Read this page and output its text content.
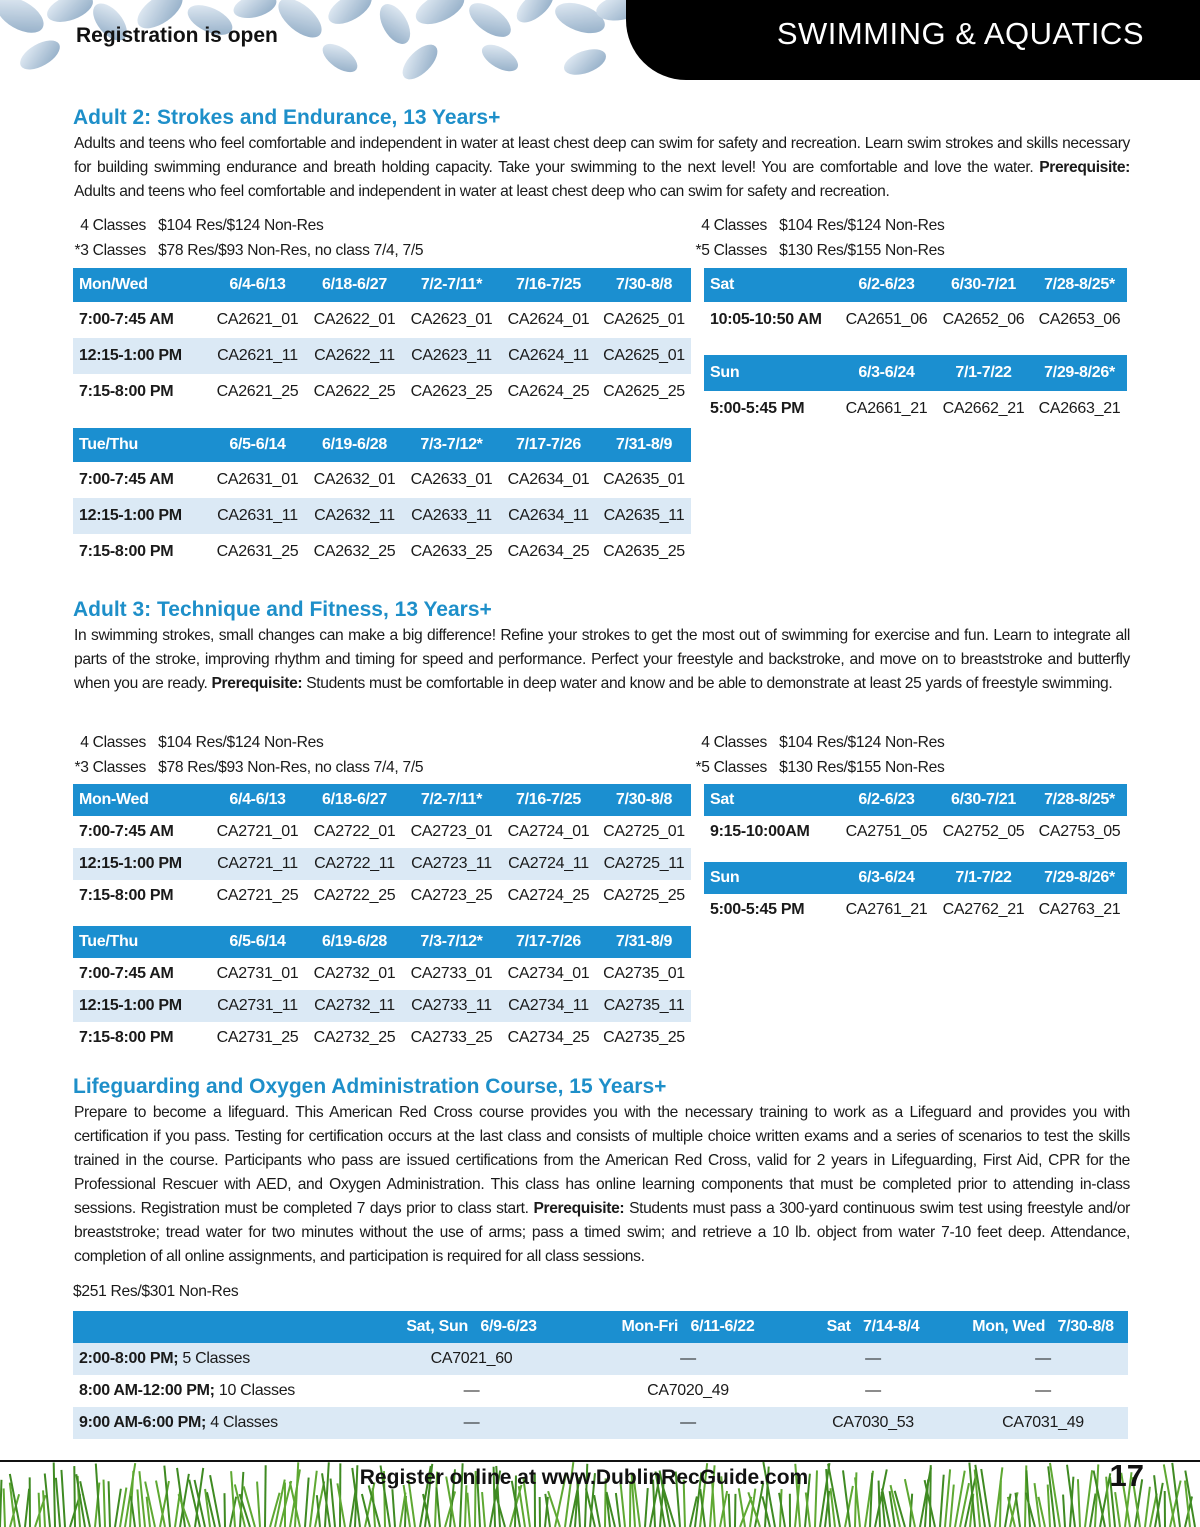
Registration is open	SWIMMING & AQUATICS
Adult 2: Strokes and Endurance, 13 Years+

Adults and teens who feel comfortable and independent in water at least chest deep can swim for safety and recreation. Learn swim strokes and skills necessary for building swimming endurance and breath holding capacity. Take your swimming to the next level! You are comfortable and love the water. Prerequisite: Adults and teens who feel comfortable and independent in water at least chest deep who can swim for safety and recreation.

4 Classes $104 Res/$124 Non-Res
*3 Classes $78 Res/$93 Non-Res, no class 7/4, 7/5
4 Classes $104 Res/$124 Non-Res
*5 Classes $130 Res/$155 Non-Res
Mon/Wed	6/4-6/13	6/18-6/27	7/2-7/11*	7/16-7/25	7/30-8/8
7:00-7:45 AM	CA2621_01	CA2622_01	CA2623_01	CA2624_01	CA2625_01
12:15-1:00 PM	CA2621_11	CA2622_11	CA2623_11	CA2624_11	CA2625_01
7:15-8:00 PM	CA2621_25	CA2622_25	CA2623_25	CA2624_25	CA2625_25
Tue/Thu	6/5-6/14	6/19-6/28	7/3-7/12*	7/17-7/26	7/31-8/9
7:00-7:45 AM	CA2631_01	CA2632_01	CA2633_01	CA2634_01	CA2635_01
12:15-1:00 PM	CA2631_11	CA2632_11	CA2633_11	CA2634_11	CA2635_11
7:15-8:00 PM	CA2631_25	CA2632_25	CA2633_25	CA2634_25	CA2635_25
Sat	6/2-6/23	6/30-7/21	7/28-8/25*
10:05-10:50 AM	CA2651_06	CA2652_06	CA2653_06
Sun	6/3-6/24	7/1-7/22	7/29-8/26*
5:00-5:45 PM	CA2661_21	CA2662_21	CA2663_21
Adult 3: Technique and Fitness, 13 Years+

In swimming strokes, small changes can make a big difference! Refine your strokes to get the most out of swimming for exercise and fun. Learn to integrate all parts of the stroke, improving rhythm and timing for speed and performance. Perfect your freestyle and backstroke, and move on to breaststroke and butterfly when you are ready. Prerequisite: Students must be comfortable in deep water and know and be able to demonstrate at least 25 yards of freestyle swimming.

4 Classes $104 Res/$124 Non-Res
*3 Classes $78 Res/$93 Non-Res, no class 7/4, 7/5
4 Classes $104 Res/$124 Non-Res
*5 Classes $130 Res/$155 Non-Res
Mon-Wed	6/4-6/13	6/18-6/27	7/2-7/11*	7/16-7/25	7/30-8/8
7:00-7:45 AM	CA2721_01	CA2722_01	CA2723_01	CA2724_01	CA2725_01
12:15-1:00 PM	CA2721_11	CA2722_11	CA2723_11	CA2724_11	CA2725_11
7:15-8:00 PM	CA2721_25	CA2722_25	CA2723_25	CA2724_25	CA2725_25
Tue/Thu	6/5-6/14	6/19-6/28	7/3-7/12*	7/17-7/26	7/31-8/9
7:00-7:45 AM	CA2731_01	CA2732_01	CA2733_01	CA2734_01	CA2735_01
12:15-1:00 PM	CA2731_11	CA2732_11	CA2733_11	CA2734_11	CA2735_11
7:15-8:00 PM	CA2731_25	CA2732_25	CA2733_25	CA2734_25	CA2735_25
Sat	6/2-6/23	6/30-7/21	7/28-8/25*
9:15-10:00AM	CA2751_05	CA2752_05	CA2753_05
Sun	6/3-6/24	7/1-7/22	7/29-8/26*
5:00-5:45 PM	CA2761_21	CA2762_21	CA2763_21
Lifeguarding and Oxygen Administration Course, 15 Years+

Prepare to become a lifeguard. This American Red Cross course provides you with the necessary training to work as a Lifeguard and provides you with certification if you pass. Testing for certification occurs at the last class and consists of multiple choice written exams and a series of scenarios to test the skills trained in the course. Participants who pass are issued certifications from the American Red Cross, valid for 2 years in Lifeguarding, First Aid, CPR for the Professional Rescuer with AED, and Oxygen Administration. This class has online learning components that must be completed prior to attending in-class sessions. Registration must be completed 7 days prior to class start. Prerequisite: Students must pass a 300-yard continuous swim test using freestyle and/or breaststroke; tread water for two minutes without the use of arms; pass a timed swim; and retrieve a 10 lb. object from water 7-10 feet deep. Attendance, completion of all online assignments, and participation is required for all class sessions.

$251 Res/$301 Non-Res
	Sat, Sun   6/9-6/23	Mon-Fri   6/11-6/22	Sat   7/14-8/4	Mon, Wed   7/30-8/8
2:00-8:00 PM; 5 Classes	CA7021_60	—	—	—
8:00 AM-12:00 PM; 10 Classes	—	CA7020_49	—	—
9:00 AM-6:00 PM; 4 Classes	—	—	CA7030_53	CA7031_49
Register online at www.DublinRecGuide.com	17
